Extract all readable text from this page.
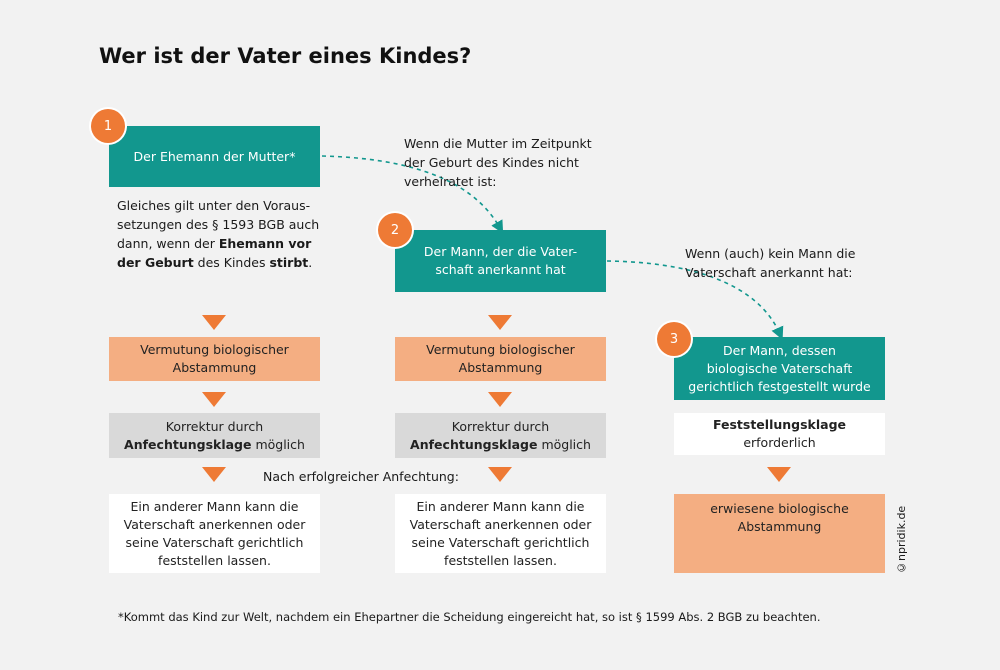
Wer ist der Vater eines Kindes?
Der Ehemann der Mutter*
1
Wenn die Mutter im Zeitpunkt
der Geburt des Kindes nicht
verheiratet ist:
Gleiches gilt unter den Voraus-
setzungen des § 1593 BGB auch
dann, wenn der Ehemann vor
der Geburt des Kindes stirbt.
Der Mann, der die Vater-
schaft anerkannt hat
2
Wenn (auch) kein Mann die
Vaterschaft anerkannt hat:
Der Mann, dessen
biologische Vaterschaft
gerichtlich festgestellt wurde
3
Vermutung biologischer
Abstammung
Korrektur durch
Anfechtungsklage möglich
Ein anderer Mann kann die
Vaterschaft anerkennen oder
seine Vaterschaft gerichtlich
feststellen lassen.
Nach erfolgreicher Anfechtung:
Vermutung biologischer
Abstammung
Korrektur durch
Anfechtungsklage möglich
Ein anderer Mann kann die
Vaterschaft anerkennen oder
seine Vaterschaft gerichtlich
feststellen lassen.
Feststellungsklage
erforderlich
erwiesene biologische
Abstammung	©npridik.de
*Kommt das Kind zur Welt, nachdem ein Ehepartner die Scheidung eingereicht hat, so ist § 1599 Abs. 2 BGB zu beachten.
